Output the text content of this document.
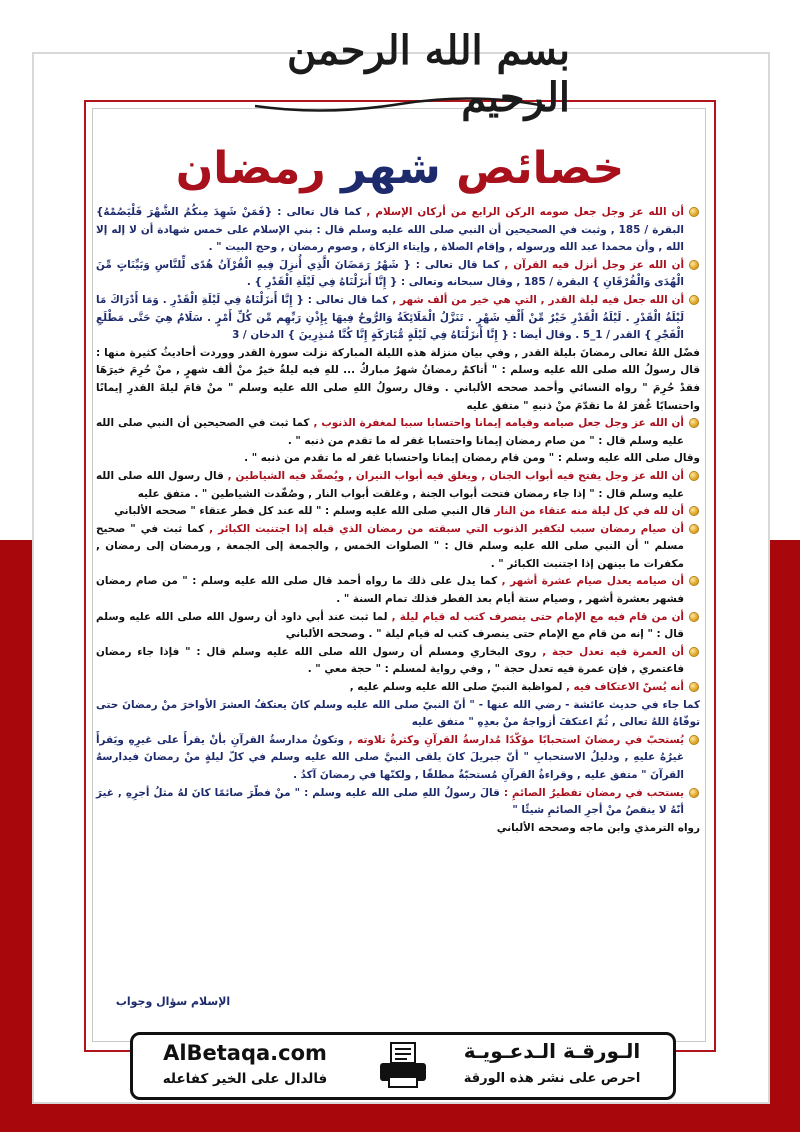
بسم الله الرحمن الرحيم
خصائص شهر رمضان

أن الله عز وجل جعل صومه الركن الرابع من أركان الإسلام , كما قال تعالى : {فَمَنْ شَهِدَ مِنكُمُ الشَّهْرَ فَلْيَصُمْهُ} البقرة / 185 , وثبت في الصحيحين أن النبي صلى الله عليه وسلم قال : بني الإسلام على خمس شهادة أن لا إله إلا الله , وأن محمدا عبد الله ورسوله , وإقام الصلاة , وإيتاء الزكاة , وصوم رمضان , وحج البيت " .

أن الله عز وجل أنزل فيه القرآن , كما قال تعالى : { شَهْرُ رَمَضَانَ الَّذِي أُنزِلَ فِيهِ الْقُرْآنُ هُدًى لِّلنَّاسِ وَبَيِّنَاتٍ مِّنَ الْهُدَى وَالْفُرْقَانِ } البقرة / 185 , وقال سبحانه وتعالى : { إِنَّا أَنزَلْنَاهُ فِي لَيْلَةِ الْقَدْرِ } .

أن الله جعل فيه ليلة القدر , التي هي خير من ألف شهر , كما قال تعالى : { إِنَّا أَنزَلْنَاهُ فِي لَيْلَةِ الْقَدْرِ . وَمَا أَدْرَاكَ مَا لَيْلَةُ الْقَدْرِ . لَيْلَةُ الْقَدْرِ خَيْرٌ مِّنْ أَلْفِ شَهْرٍ . تَنَزَّلُ الْمَلَائِكَةُ وَالرُّوحُ فِيهَا بِإِذْنِ رَبِّهِم مِّن كُلِّ أَمْرٍ . سَلَامٌ هِيَ حَتَّى مَطْلَعِ الْفَجْرِ } القدر / 1_5 . وقال أيضا : { إِنَّا أَنزَلْنَاهُ فِي لَيْلَةٍ مُّبَارَكَةٍ إِنَّا كُنَّا مُنذِرِينَ } الدخان / 3

فضّل اللهُ تعالى رمضانَ بليلة القدر , وفي بيان منزلة هذه الليلة المباركة نزلت سورة القدر ووردت أحاديثُ كثيرة منها : قال رسولُ الله صلى الله عليه وسلم : " أتاكمْ رمضانُ شهرٌ مباركٌ ... للهِ فيه ليلةٌ خيرٌ منْ ألف شهرٍ , منْ حُرِمَ خيرَهَا فقدْ حُرِمَ " رواه النسائي وأحمد صححه الألباني . وقال رسولُ اللهِ صلى الله عليه وسلم " منْ قامَ ليلةَ القدرِ إيمانًا واحتسابًا غُفرَ لهُ ما تقدّمَ منْ ذنبهِ " متفق عليه

أن الله عز وجل جعل صيامه وقيامه إيمانا واحتسابا سببا لمغفرة الذنوب , كما ثبت في الصحيحين أن النبي صلى الله عليه وسلم قال : " من صام رمضان إيمانا واحتسابا غفر له ما تقدم من ذنبه " .

وقال صلى الله عليه وسلم : " ومن قام رمضان إيمانا واحتسابا غفر له ما تقدم من ذنبه " .

أن الله عز وجل يفتح فيه أبواب الجنان , ويغلق فيه أبواب النيران , ويُصفّد فيه الشياطين , قال رسول الله صلى الله عليه وسلم قال : " إذا جاء رمضان فتحت أبواب الجنة , وغلقت أبواب النار , وصُفّدت الشياطين " . متفق عليه

أن لله في كل ليلة منه عتقاء من النار قال النبي صلى الله عليه وسلم : " لله عند كل فطر عتقاء " صححه الألباني

أن صيام رمضان سبب لتكفير الذنوب التي سبقته من رمضان الذي قبله إذا اجتنبت الكبائر , كما ثبت في " صحيح مسلم " أن النبي صلى الله عليه وسلم قال : " الصلوات الخمس , والجمعة إلى الجمعة , ورمضان إلى رمضان , مكفرات ما بينهن إذا اجتنبت الكبائر " .

أن صيامه يعدل صيام عشرة أشهر , كما يدل على ذلك ما رواه أحمد قال صلى الله عليه وسلم : " من صام رمضان فشهر بعشرة أشهر , وصيام ستة أيام بعد الفطر فذلك تمام السنة " .

أن من قام فيه مع الإمام حتى ينصرف كتب له قيام ليلة , لما ثبت عند أبي داود أن رسول الله صلى الله عليه وسلم قال : " إنه من قام مع الإمام حتى ينصرف كتب له قيام ليلة " . وصححه الألباني

أن العمرة فيه تعدل حجة , روى البخاري ومسلم أن رسول الله صلى الله عليه وسلم قال : " فإذا جاء رمضان فاعتمري , فإن عمرة فيه تعدل حجة " , وفي رواية لمسلم : " حجة معي " .

أنه يُسنّ الاعتكاف فيه , لمواظبة النبيّ صلى الله عليه وسلم عليه ,

كما جاء في حديث عائشة - رضي الله عنها - " أنّ النبيّ صلى الله عليه وسلم كانَ يعتكفُ العشرَ الأواخرَ منْ رمضانَ حتى توفّاهُ اللهُ تعالى , ثُمّ اعتكفَ أزواجهُ منْ بعدِهِ " متفق عليه

يُستحبّ في رمضانَ استحبابًا مؤكّدًا مُدارسةُ القرآنِ وكثرةُ تلاوته , وتكونُ مدارسةُ القرآنِ بأنْ يقرأَ على غيرِهِ ويَقرأَ غيرُهُ عليهِ , ودليلُ الاستحبابِ " أنّ جبريلَ كانَ يلقى النبيَّ صلى الله عليه وسلم في كلّ ليلةٍ منْ رمضانَ فيدارسهُ القرآنَ " متفق عليه , وقراءةُ القرآنِ مُستحبّةٌ مطلقًا , ولكنّها في رمضانَ آكدُ .

يستحب في رمضان تفطيرُ الصائمِ : قالَ رسولُ اللهِ صلى الله عليه وسلم : " منْ فطّرَ صائمًا كانَ لهُ مثلُ أجرِهِ , غيرَ أنّهُ لا ينقصُ منْ أجرِ الصائمِ شيئًا "

رواه الترمذي وابن ماجه وصححه الألباني

الإسلام سؤال وجواب
AlBetaqa.com
فالدال على الخير كفاعله
الـورقـة الـدعـويـة
احرص على نشر هذه الورقة
